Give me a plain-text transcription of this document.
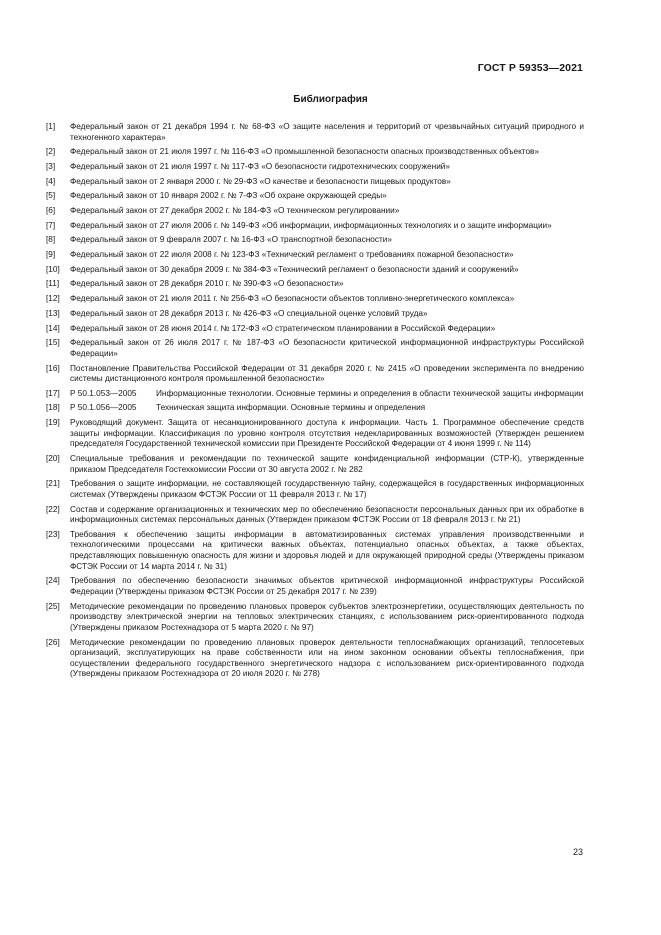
ГОСТ Р 59353—2021
Библиография
[1]	Федеральный закон от 21 декабря 1994 г. № 68-ФЗ «О защите населения и территорий от чрезвычайных ситуаций природного и техногенного характера»
[2]	Федеральный закон от 21 июля 1997 г. № 116-ФЗ «О промышленной безопасности опасных производственных объектов»
[3]	Федеральный закон от 21 июля 1997 г. № 117-ФЗ «О безопасности гидротехнических сооружений»
[4]	Федеральный закон от 2 января 2000 г. № 29-ФЗ «О качестве и безопасности пищевых продуктов»
[5]	Федеральный закон от 10 января 2002 г. № 7-ФЗ «Об охране окружающей среды»
[6]	Федеральный закон от 27 декабря 2002 г. № 184-ФЗ «О техническом регулировании»
[7]	Федеральный закон от 27 июля 2006 г. № 149-ФЗ «Об информации, информационных технологиях и о защите информации»
[8]	Федеральный закон от 9 февраля 2007 г. № 16-ФЗ «О транспортной безопасности»
[9]	Федеральный закон от 22 июля 2008 г. № 123-ФЗ «Технический регламент о требованиях пожарной безопасности»
[10]	Федеральный закон от 30 декабря 2009 г. № 384-ФЗ «Технический регламент о безопасности зданий и сооружений»
[11]	Федеральный закон от 28 декабря 2010 г. № 390-ФЗ «О безопасности»
[12]	Федеральный закон от 21 июля 2011 г. № 256-ФЗ «О безопасности объектов топливно-энергетического комплекса»
[13]	Федеральный закон от 28 декабря 2013 г. № 426-ФЗ «О специальной оценке условий труда»
[14]	Федеральный закон от 28 июня 2014 г. № 172-ФЗ «О стратегическом планировании в Российской Федерации»
[15]	Федеральный закон от 26 июля 2017 г. № 187-ФЗ «О безопасности критической информационной инфраструктуры Российской Федерации»
[16]	Постановление Правительства Российской Федерации от 31 декабря 2020 г. № 2415 «О проведении эксперимента по внедрению системы дистанционного контроля промышленной безопасности»
[17]	Р 50.1.053—2005	Информационные технологии. Основные термины и определения в области технической защиты информации
[18]	Р 50.1.056—2005	Техническая защита информации. Основные термины и определения
[19]	Руководящий документ. Защита от несанкционированного доступа к информации. Часть 1. Программное обеспечение средств защиты информации. Классификация по уровню контроля отсутствия недекларированных возможностей (Утвержден решением председателя Государственной технической комиссии при Президенте Российской Федерации от 4 июня 1999 г. № 114)
[20]	Специальные требования и рекомендации по технической защите конфиденциальной информации (СТР-К), утвержденные приказом Председателя Гостехкомиссии России от 30 августа 2002 г. № 282
[21]	Требования о защите информации, не составляющей государственную тайну, содержащейся в государственных информационных системах (Утверждены приказом ФСТЭК России от 11 февраля 2013 г. № 17)
[22]	Состав и содержание организационных и технических мер по обеспечению безопасности персональных данных при их обработке в информационных системах персональных данных (Утвержден приказом ФСТЭК России от 18 февраля 2013 г. № 21)
[23]	Требования к обеспечению защиты информации в автоматизированных системах управления производственными и технологическими процессами на критически важных объектах, потенциально опасных объектах, а также объектах, представляющих повышенную опасность для жизни и здоровья людей и для окружающей природной среды (Утверждены приказом ФСТЭК России от 14 марта 2014 г. № 31)
[24]	Требования по обеспечению безопасности значимых объектов критической информационной инфраструктуры Российской Федерации (Утверждены приказом ФСТЭК России от 25 декабря 2017 г. № 239)
[25]	Методические рекомендации по проведению плановых проверок субъектов электроэнергетики, осуществляющих деятельность по производству электрической энергии на тепловых электрических станциях, с использованием риск-ориентированного подхода (Утверждены приказом Ростехнадзора от 5 марта 2020 г. № 97)
[26]	Методические рекомендации по проведению плановых проверок деятельности теплоснабжающих организаций, теплосетевых организаций, эксплуатирующих на праве собственности или на ином законном основании объекты теплоснабжения, при осуществлении федерального государственного энергетического надзора с использованием риск-ориентированного подхода (Утверждены приказом Ростехнадзора от 20 июля 2020 г. № 278)
23
